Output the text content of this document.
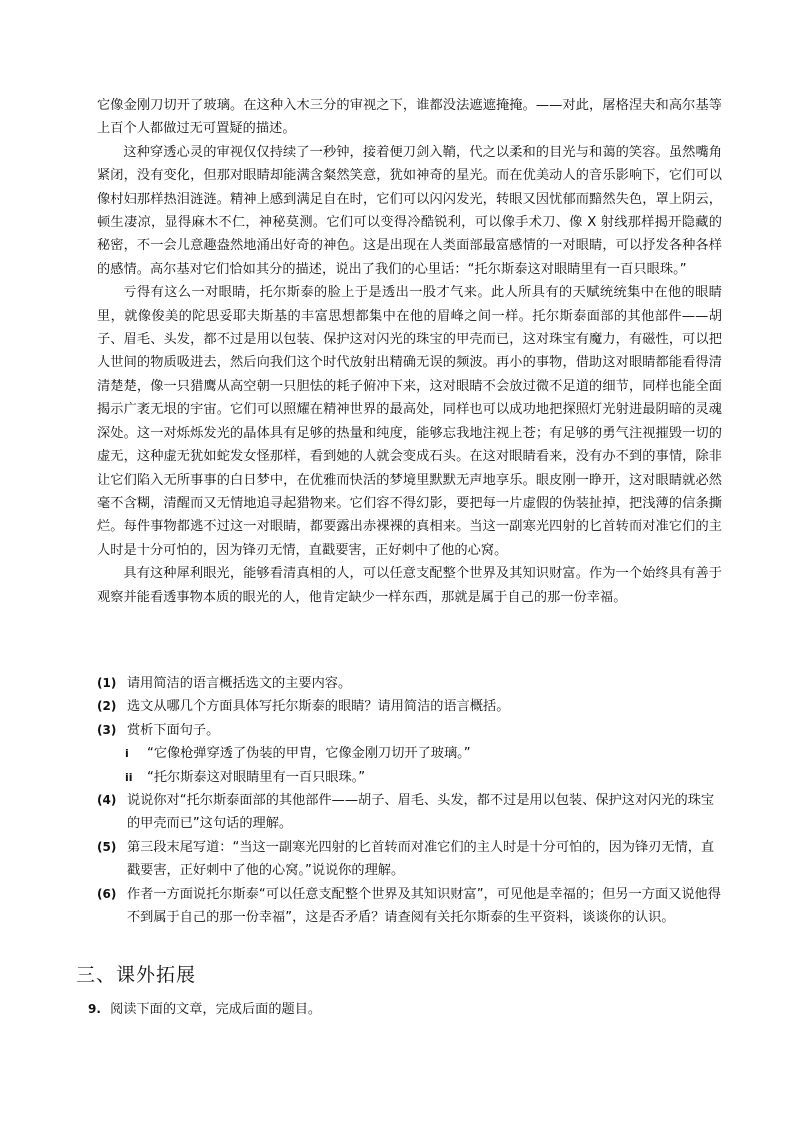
它像金刚刀切开了玻璃。在这种入木三分的审视之下，谁都没法遮遮掩掩。——对此，屠格涅夫和高尔基等上百个人都做过无可置疑的描述。

这种穿透心灵的审视仅仅持续了一秒钟，接着便刀剑入鞘，代之以柔和的目光与和蔼的笑容。虽然嘴角紧闭，没有变化，但那对眼睛却能满含粲然笑意，犹如神奇的星光。而在优美动人的音乐影响下，它们可以像村妇那样热泪涟涟。精神上感到满足自在时，它们可以闪闪发光，转眼又因忧郁而黯然失色，罩上阴云，顿生凄凉，显得麻木不仁，神秘莫测。它们可以变得冷酷锐利，可以像手术刀、像 X 射线那样揭开隐藏的秘密，不一会儿意趣盎然地涌出好奇的神色。这是出现在人类面部最富感情的一对眼睛，可以抒发各种各样的感情。高尔基对它们恰如其分的描述，说出了我们的心里话：“托尔斯泰这对眼睛里有一百只眼珠。”

亏得有这么一对眼睛，托尔斯泰的脸上于是透出一股才气来。此人所具有的天赋统统集中在他的眼睛里，就像俊美的陀思妥耶夫斯基的丰富思想都集中在他的眉峰之间一样。托尔斯泰面部的其他部件——胡子、眉毛、头发，都不过是用以包装、保护这对闪光的珠宝的甲壳而已，这对珠宝有魔力，有磁性，可以把人世间的物质吸进去，然后向我们这个时代放射出精确无误的频波。再小的事物，借助这对眼睛都能看得清清楚楚，像一只猎鹰从高空朝一只胆怯的耗子俯冲下来，这对眼睛不会放过微不足道的细节，同样也能全面揭示广袤无垠的宇宙。它们可以照耀在精神世界的最高处，同样也可以成功地把探照灯光射进最阴暗的灵魂深处。这一对烁烁发光的晶体具有足够的热量和纯度，能够忘我地注视上苍；有足够的勇气注视摧毁一切的虚无，这种虚无犹如蛇发女怪那样，看到她的人就会变成石头。在这对眼睛看来，没有办不到的事情，除非让它们陷入无所事事的白日梦中，在优雅而快活的梦境里默默无声地享乐。眼皮刚一睁开，这对眼睛就必然毫不含糊，清醒而又无情地追寻起猎物来。它们容不得幻影，要把每一片虚假的伪装扯掉，把浅薄的信条撕烂。每件事物都逃不过这一对眼睛，都要露出赤裸裸的真相来。当这一副寒光四射的匕首转而对准它们的主人时是十分可怕的，因为锋刃无情，直戳要害，正好刺中了他的心窝。

具有这种犀利眼光，能够看清真相的人，可以任意支配整个世界及其知识财富。作为一个始终具有善于观察并能看透事物本质的眼光的人，他肯定缺少一样东西，那就是属于自己的那一份幸福。

(1) 请用简洁的语言概括选文的主要内容。

(2) 选文从哪几个方面具体写托尔斯泰的眼睛？请用简洁的语言概括。

(3) 赏析下面句子。

i “它像枪弹穿透了伪装的甲胄，它像金刚刀切开了玻璃。”

ii “托尔斯泰这对眼睛里有一百只眼珠。”

(4) 说说你对“托尔斯泰面部的其他部件——胡子、眉毛、头发，都不过是用以包装、保护这对闪光的珠宝的甲壳而已”这句话的理解。

(5) 第三段末尾写道：“当这一副寒光四射的匕首转而对准它们的主人时是十分可怕的，因为锋刃无情，直戳要害，正好刺中了他的心窝。”说说你的理解。

(6) 作者一方面说托尔斯泰“可以任意支配整个世界及其知识财富”，可见他是幸福的；但另一方面又说他得不到属于自己的那一份幸福”，这是否矛盾？请查阅有关托尔斯泰的生平资料，谈谈你的认识。

三、课外拓展
9. 阅读下面的文章，完成后面的题目。
